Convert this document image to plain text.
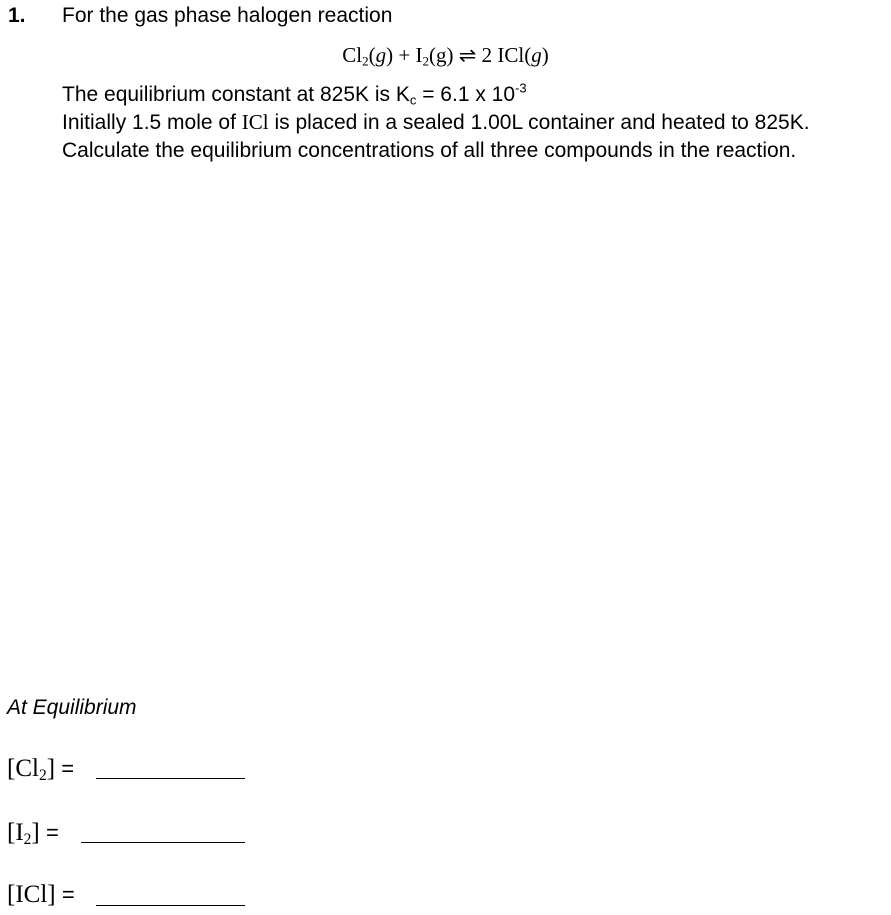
1. For the gas phase halogen reaction
$Cl_2(g) + I_2(g)$ ⇌ 2 ICl(g)
The equilibrium constant at 825K is $K_c = 6.1$ x $10^{-3}$
Initially 1.5 mole of ICl is placed in a sealed 1.00L container and heated to 825K.
Calculate the equilibrium concentrations of all three compounds in the reaction.
At Equilibrium
$[Cl_2]$ =
$[I_2]$ =
[ICl] =
